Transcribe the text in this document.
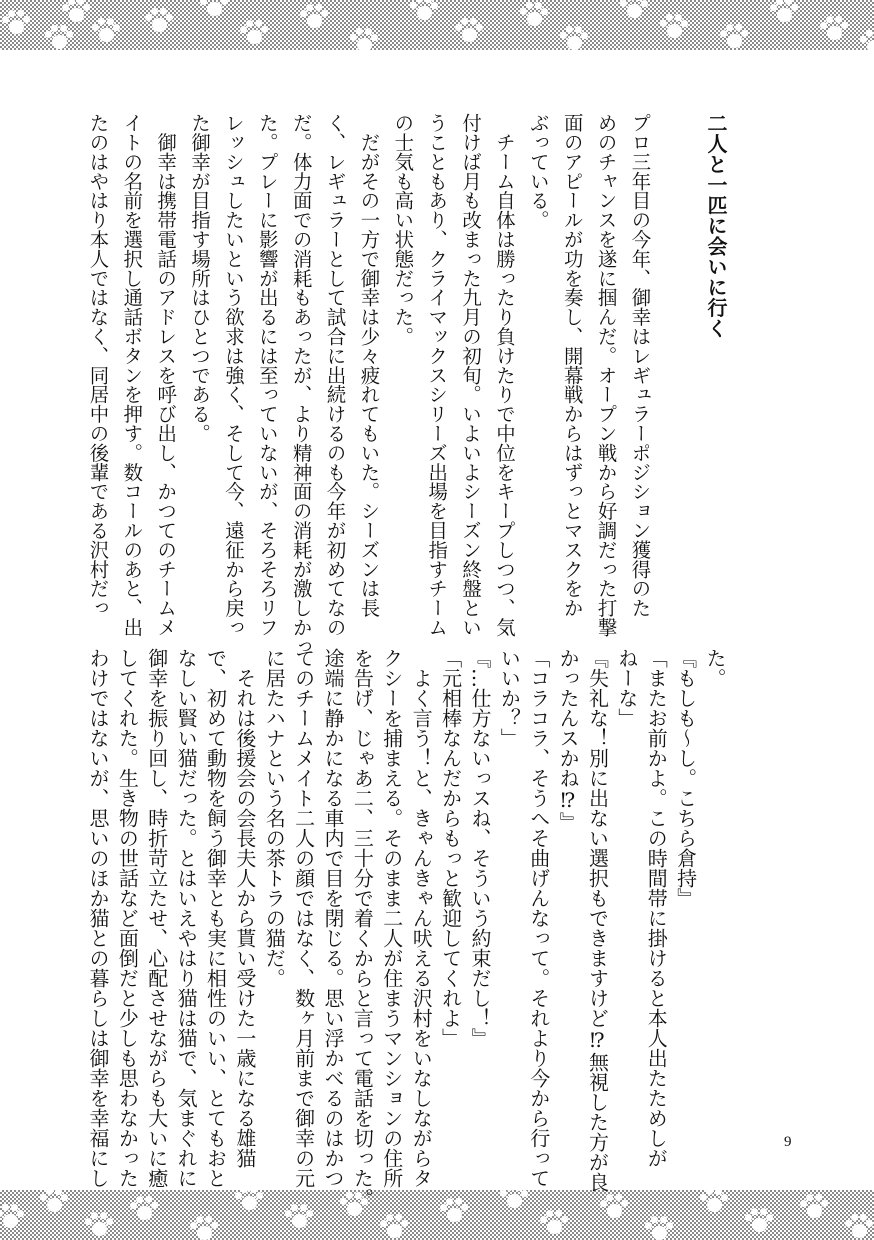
二人と一匹に会いに行く
プロ三年目の今年、御幸はレギュラーポジション獲得のた
めのチャンスを遂に掴んだ。オープン戦から好調だった打撃
面のアピールが功を奏し、開幕戦からはずっとマスクをか
ぶっている。
　チーム自体は勝ったり負けたりで中位をキープしつつ、気
付けば月も改まった九月の初旬。いよいよシーズン終盤とい
うこともあり、クライマックスシリーズ出場を目指すチーム
の士気も高い状態だった。
　だがその一方で御幸は少々疲れてもいた。シーズンは長
く、レギュラーとして試合に出続けるのも今年が初めてなの
だ。体力面での消耗もあったが、より精神面の消耗が激しかっ
た。プレーに影響が出るには至っていないが、そろそろリフ
レッシュしたいという欲求は強く、そして今、遠征から戻っ
た御幸が目指す場所はひとつである。
　御幸は携帯電話のアドレスを呼び出し、かつてのチームメ
イトの名前を選択し通話ボタンを押す。数コールのあと、出
たのはやはり本人ではなく、同居中の後輩である沢村だっ
た。
『もしも～し。こちら倉持』
「またお前かよ。この時間帯に掛けると本人出たためしが
ねーな」
『失礼な！別に出ない選択もできますけど⁉無視した方が良
かったんスかね⁉』
「コラコラ、そうへそ曲げんなって。それより今から行って
いいか？」
『…仕方ないっスね、そういう約束だし！』
「元相棒なんだからもっと歓迎してくれよ」
　よく言う！と、きゃんきゃん吠える沢村をいなしながらタ
クシーを捕まえる。そのまま二人が住まうマンションの住所
を告げ、じゃあ二、三十分で着くからと言って電話を切った。
途端に静かになる車内で目を閉じる。思い浮かべるのはかつ
てのチームメイト二人の顔ではなく、数ヶ月前まで御幸の元
に居たハナという名の茶トラの猫だ。
　それは後援会の会長夫人から貰い受けた一歳になる雄猫
で、初めて動物を飼う御幸とも実に相性のいい、とてもおと
なしい賢い猫だった。とはいえやはり猫は猫で、気まぐれに
御幸を振り回し、時折苛立たせ、心配させながらも大いに癒
してくれた。生き物の世話など面倒だと少しも思わなかった
わけではないが、思いのほか猫との暮らしは御幸を幸福にし	9
